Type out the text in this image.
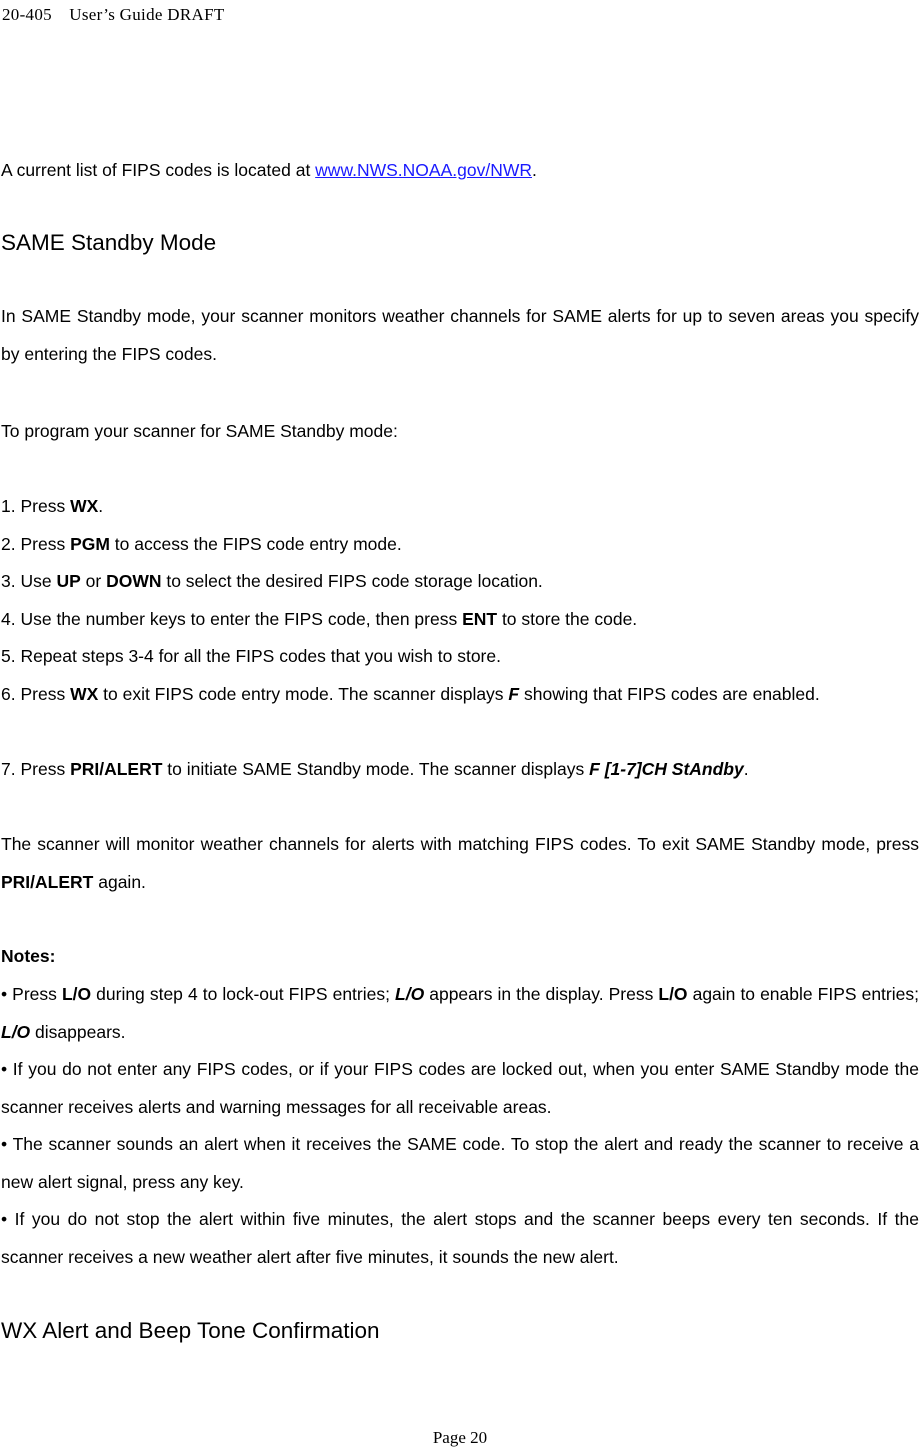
20-405　User’s Guide DRAFT
A current list of FIPS codes is located at www.NWS.NOAA.gov/NWR.
SAME Standby Mode
In SAME Standby mode, your scanner monitors weather channels for SAME alerts for up to seven areas you specify by entering the FIPS codes.
To program your scanner for SAME Standby mode:
1. Press WX.
2. Press PGM to access the FIPS code entry mode.
3. Use UP or DOWN to select the desired FIPS code storage location.
4. Use the number keys to enter the FIPS code, then press ENT to store the code.
5. Repeat steps 3-4 for all the FIPS codes that you wish to store.
6. Press WX to exit FIPS code entry mode. The scanner displays F showing that FIPS codes are enabled.
7. Press PRI/ALERT to initiate SAME Standby mode. The scanner displays F [1-7]CH StAndby.
The scanner will monitor weather channels for alerts with matching FIPS codes. To exit SAME Standby mode, press PRI/ALERT again.
Notes:
• Press L/O during step 4 to lock-out FIPS entries; L/O appears in the display. Press L/O again to enable FIPS entries; L/O disappears.
• If you do not enter any FIPS codes, or if your FIPS codes are locked out, when you enter SAME Standby mode the scanner receives alerts and warning messages for all receivable areas.
• The scanner sounds an alert when it receives the SAME code. To stop the alert and ready the scanner to receive a new alert signal, press any key.
• If you do not stop the alert within five minutes, the alert stops and the scanner beeps every ten seconds. If the scanner receives a new weather alert after five minutes, it sounds the new alert.
WX Alert and Beep Tone Confirmation
Page 20
